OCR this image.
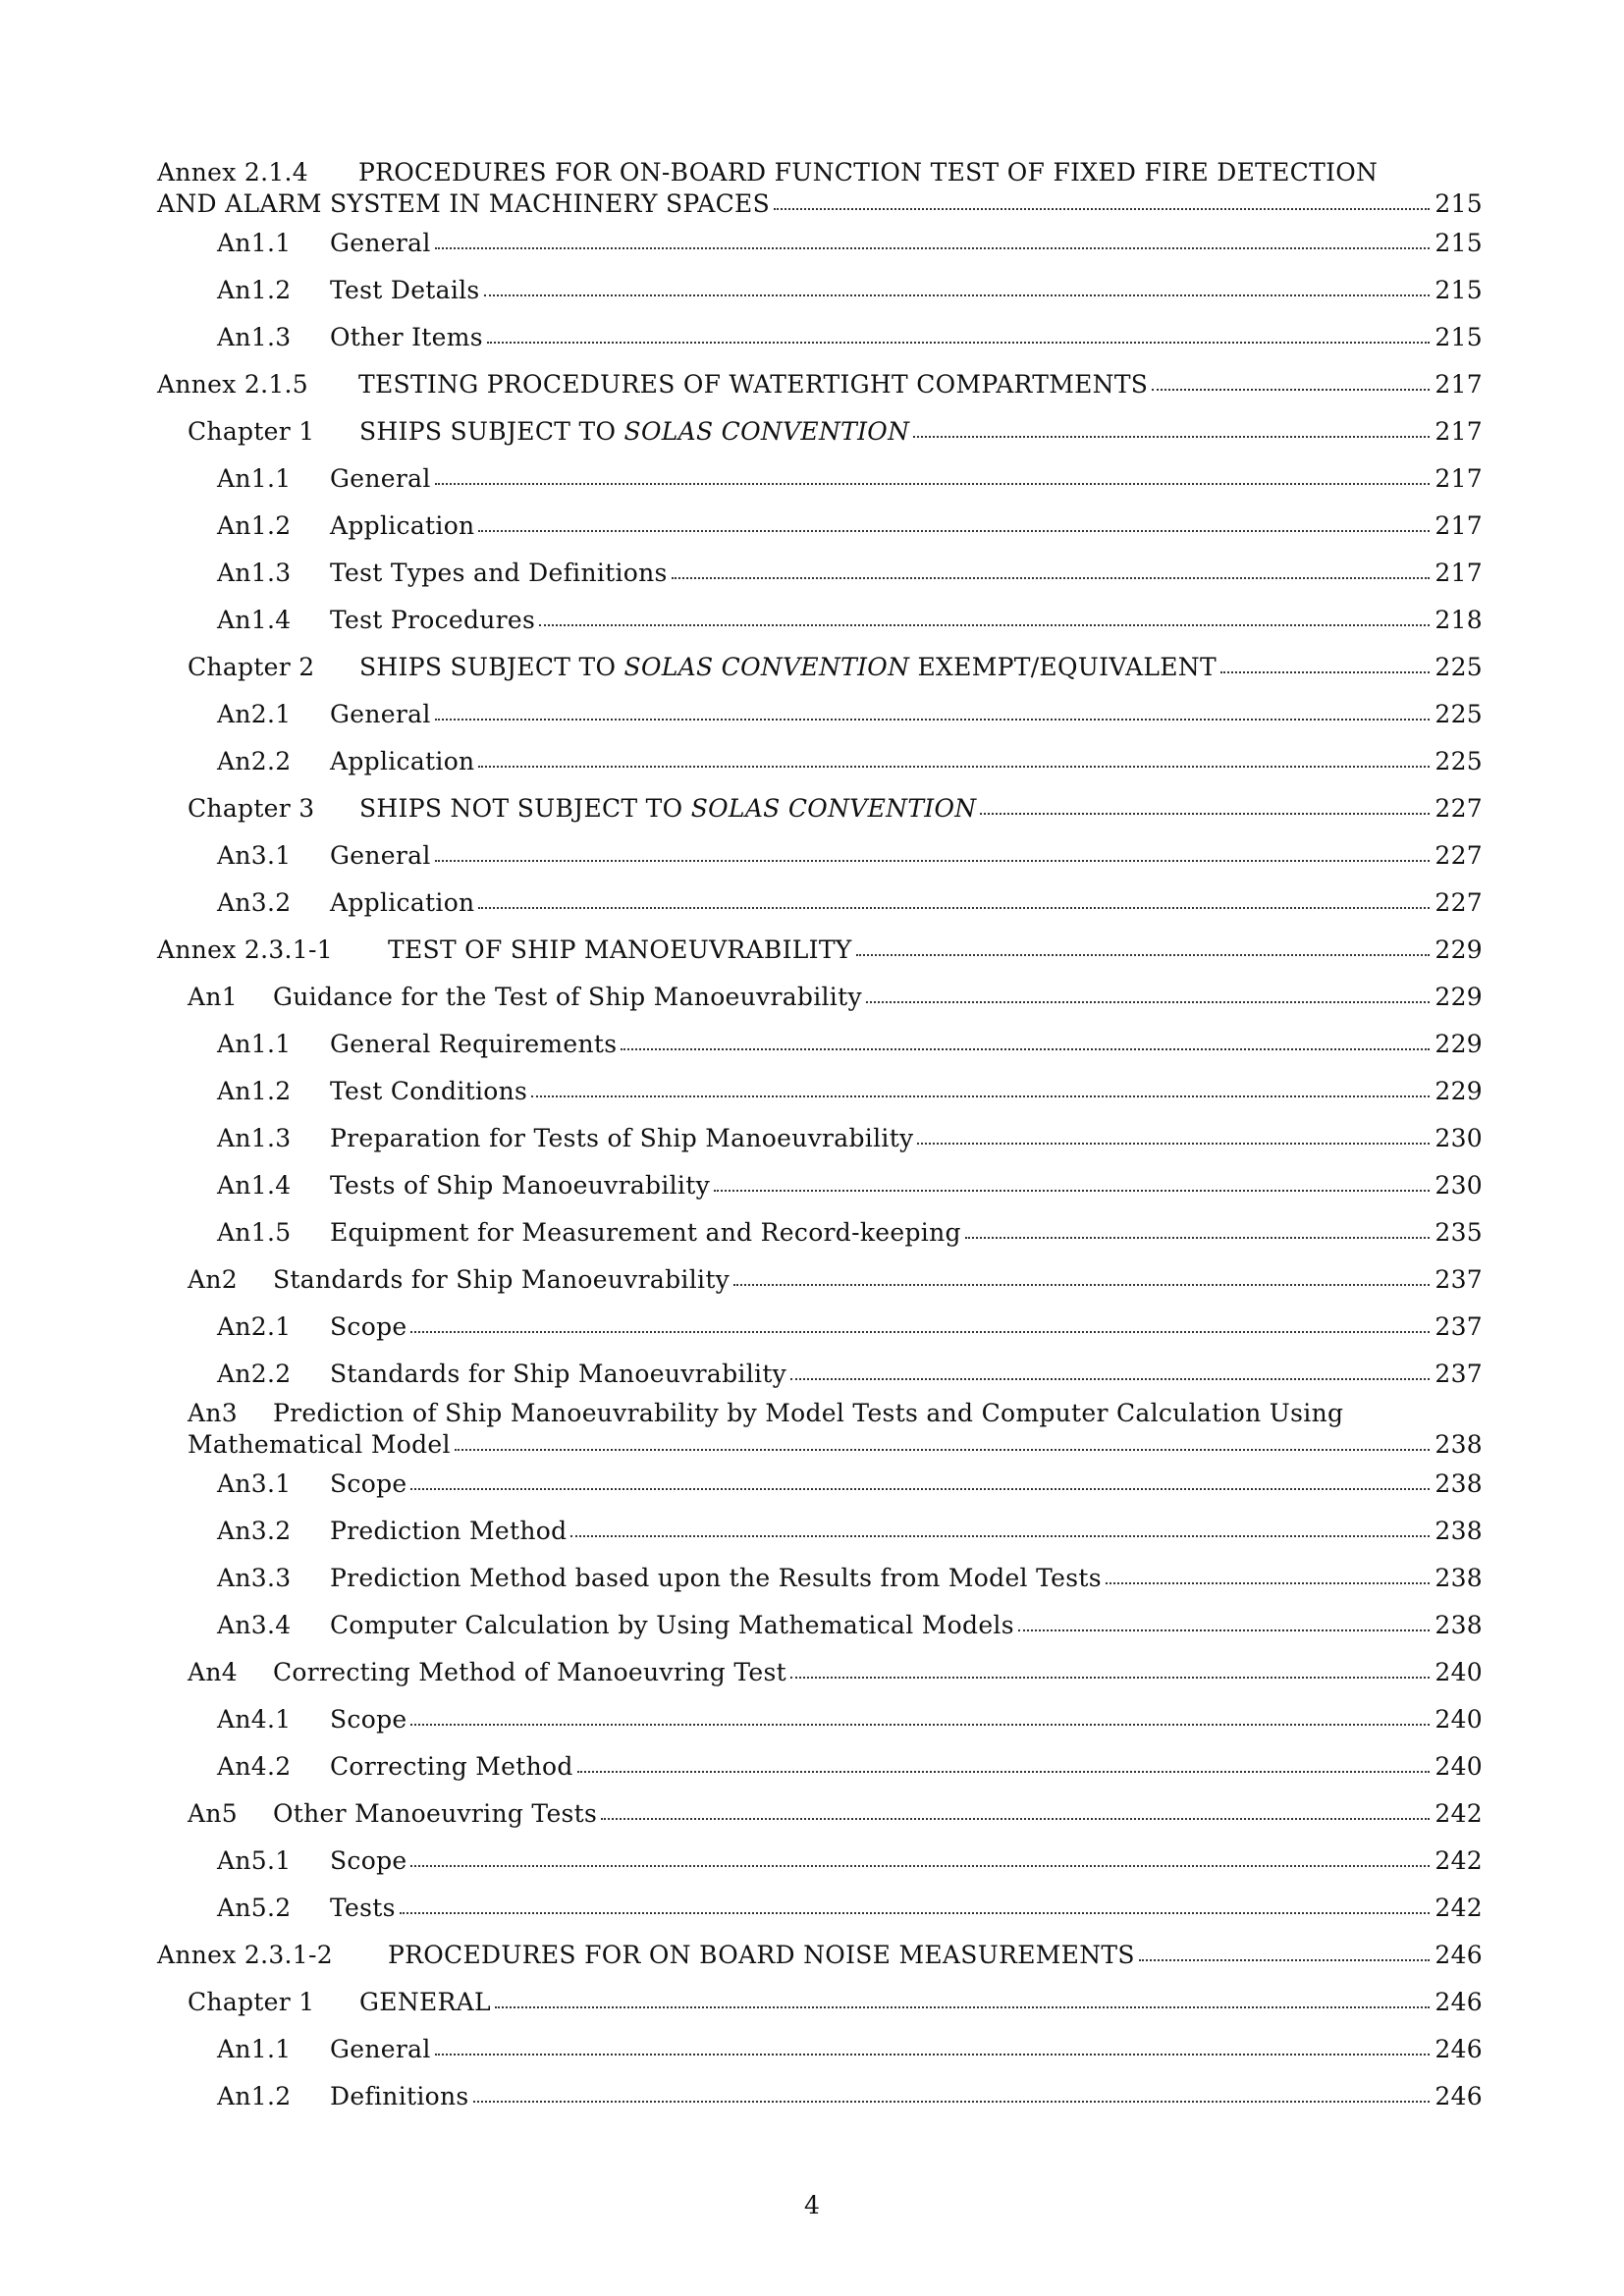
Annex 2.1.4	PROCEDURES FOR ON-BOARD FUNCTION TEST OF FIXED FIRE DETECTION
AND ALARM SYSTEM IN MACHINERY SPACES	215
An1.1	General	215
An1.2	Test Details	215
An1.3	Other Items	215
Annex 2.1.5	TESTING PROCEDURES OF WATERTIGHT COMPARTMENTS	217
Chapter 1	SHIPS SUBJECT TO SOLAS CONVENTION	217
An1.1	General	217
An1.2	Application	217
An1.3	Test Types and Definitions	217
An1.4	Test Procedures	218
Chapter 2	SHIPS SUBJECT TO SOLAS CONVENTION EXEMPT/EQUIVALENT	225
An2.1	General	225
An2.2	Application	225
Chapter 3	SHIPS NOT SUBJECT TO SOLAS CONVENTION	227
An3.1	General	227
An3.2	Application	227
Annex 2.3.1-1	TEST OF SHIP MANOEUVRABILITY	229
An1	Guidance for the Test of Ship Manoeuvrability	229
An1.1	General Requirements	229
An1.2	Test Conditions	229
An1.3	Preparation for Tests of Ship Manoeuvrability	230
An1.4	Tests of Ship Manoeuvrability	230
An1.5	Equipment for Measurement and Record-keeping	235
An2	Standards for Ship Manoeuvrability	237
An2.1	Scope	237
An2.2	Standards for Ship Manoeuvrability	237
An3	Prediction of Ship Manoeuvrability by Model Tests and Computer Calculation Using
Mathematical Model	238
An3.1	Scope	238
An3.2	Prediction Method	238
An3.3	Prediction Method based upon the Results from Model Tests	238
An3.4	Computer Calculation by Using Mathematical Models	238
An4	Correcting Method of Manoeuvring Test	240
An4.1	Scope	240
An4.2	Correcting Method	240
An5	Other Manoeuvring Tests	242
An5.1	Scope	242
An5.2	Tests	242
Annex 2.3.1-2	PROCEDURES FOR ON BOARD NOISE MEASUREMENTS	246
Chapter 1	GENERAL	246
An1.1	General	246
An1.2	Definitions	246
4
